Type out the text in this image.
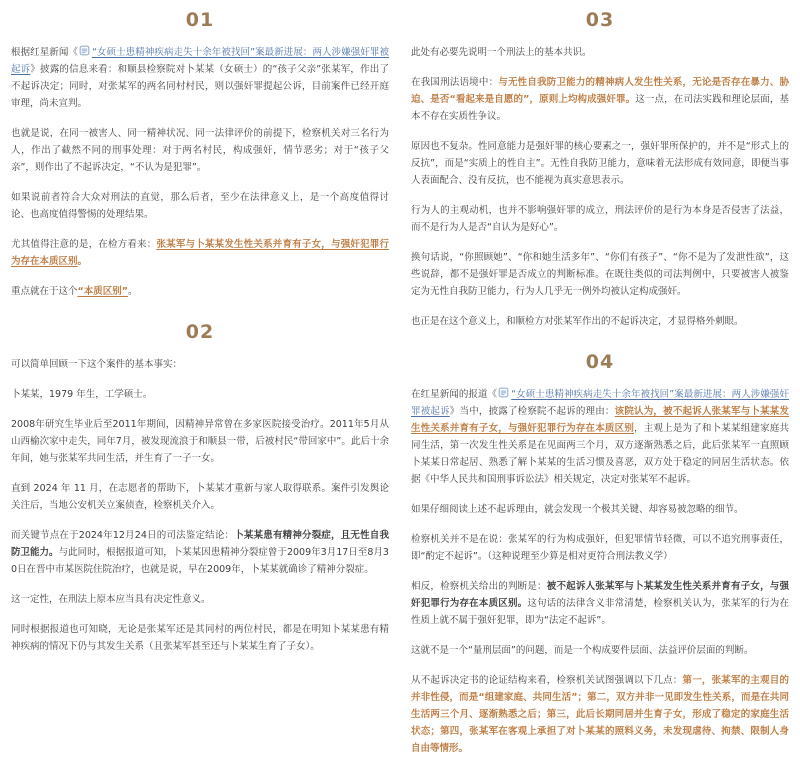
01

根据红星新闻《 “女硕士患精神疾病走失十余年被找回”案最新进展：两人涉嫌强奸罪被起诉》披露的信息来看：和顺县检察院对卜某某（女硕士）的“孩子父亲”张某军，作出了不起诉决定；同时，对张某军的两名同村村民，则以强奸罪提起公诉，目前案件已经开庭审理，尚未宣判。

也就是说，在同一被害人、同一精神状况、同一法律评价的前提下，检察机关对三名行为人，作出了截然不同的刑事处理：对于两名村民，构成强奸，情节恶劣；对于“孩子父亲”，则作出了不起诉决定，“不认为是犯罪”。

如果说前者符合大众对刑法的直觉，那么后者，至少在法律意义上，是一个高度值得讨论、也高度值得警惕的处理结果。

尤其值得注意的是，在检方看来：张某军与卜某某发生性关系并育有子女，与强奸犯罪行为存在本质区别。

重点就在于这个“本质区别”。

02

可以简单回顾一下这个案件的基本事实：

卜某某，1979 年生，工学硕士。

2008年研究生毕业后至2011年期间，因精神异常曾在多家医院接受治疗。2011年5月从山西榆次家中走失，同年7月，被发现流浪于和顺县一带，后被村民“带回家中”。此后十余年间，她与张某军共同生活，并生育了一子一女。

直到 2024 年 11 月，在志愿者的帮助下，卜某某才重新与家人取得联系。案件引发舆论关注后，当地公安机关立案侦查，检察机关介入。

而关键节点在于2024年12月24日的司法鉴定结论：卜某某患有精神分裂症，且无性自我防卫能力。与此同时，根据报道可知，卜某某因患精神分裂症曾于2009年3月17日至8月30日在晋中市某医院住院治疗，也就是说，早在2009年，卜某某就确诊了精神分裂症。

这一定性，在刑法上原本应当具有决定性意义。

同时根据报道也可知晓，无论是张某军还是其同村的两位村民，都是在明知卜某某患有精神疾病的情况下仍与其发生关系（且张某军甚至还与卜某某生育了子女）。

03

此处有必要先说明一个刑法上的基本共识。

在我国刑法语境中：与无性自我防卫能力的精神病人发生性关系，无论是否存在暴力、胁迫、是否“看起来是自愿的”，原则上均构成强奸罪。这一点，在司法实践和理论层面，基本不存在实质性争议。

原因也不复杂。性同意能力是强奸罪的核心要素之一，强奸罪所保护的，并不是“形式上的反抗”，而是“实质上的性自主”。无性自我防卫能力，意味着无法形成有效同意，即便当事人表面配合、没有反抗，也不能视为真实意思表示。

行为人的主观动机，也并不影响强奸罪的成立，刑法评价的是行为本身是否侵害了法益，而不是行为人是否“自认为是好心”。

换句话说，“你照顾她”、“你和她生活多年”、“你们有孩子”、“你不是为了发泄性欲”，这些说辞，都不是强奸罪是否成立的判断标准。在既往类似的司法判例中，只要被害人被鉴定为无性自我防卫能力，行为人几乎无一例外均被认定构成强奸。

也正是在这个意义上，和顺检方对张某军作出的不起诉决定，才显得格外刺眼。

04

在红星新闻的报道《 “女硕士患精神疾病走失十余年被找回”案最新进展：两人涉嫌强奸罪被起诉》当中，披露了检察院不起诉的理由：该院认为，被不起诉人张某军与卜某某发生性关系并育有子女，与强奸犯罪行为存在本质区别，主观上是为了和卜某某组建家庭共同生活，第一次发生性关系是在见面两三个月，双方逐渐熟悉之后，此后张某军一直照顾卜某某日常起居、熟悉了解卜某某的生活习惯及喜恶，双方处于稳定的同居生活状态。依据《中华人民共和国刑事诉讼法》相关规定，决定对张某军不起诉。

如果仔细阅读上述不起诉理由，就会发现一个极其关键、却容易被忽略的细节。

检察机关并不是在说：张某军的行为构成强奸，但犯罪情节轻微，可以不追究刑事责任，即“酌定不起诉”。（这种说理至少算是相对更符合刑法教义学）

相反，检察机关给出的判断是：被不起诉人张某军与卜某某发生性关系并育有子女，与强奸犯罪行为存在本质区别。这句话的法律含义非常清楚，检察机关认为，张某军的行为在性质上就不属于强奸犯罪，即为“法定不起诉”。

这就不是一个“量刑层面”的问题，而是一个构成要件层面、法益评价层面的判断。

从不起诉决定书的论证结构来看，检察机关试图强调以下几点：第一，张某军的主观目的并非性侵，而是“组建家庭、共同生活”；第二，双方并非一见即发生性关系，而是在共同生活两三个月、逐渐熟悉之后；第三，此后长期同居并生育子女，形成了稳定的家庭生活状态；第四，张某军在客观上承担了对卜某某的照料义务，未发现虐待、拘禁、限制人身自由等情形。
